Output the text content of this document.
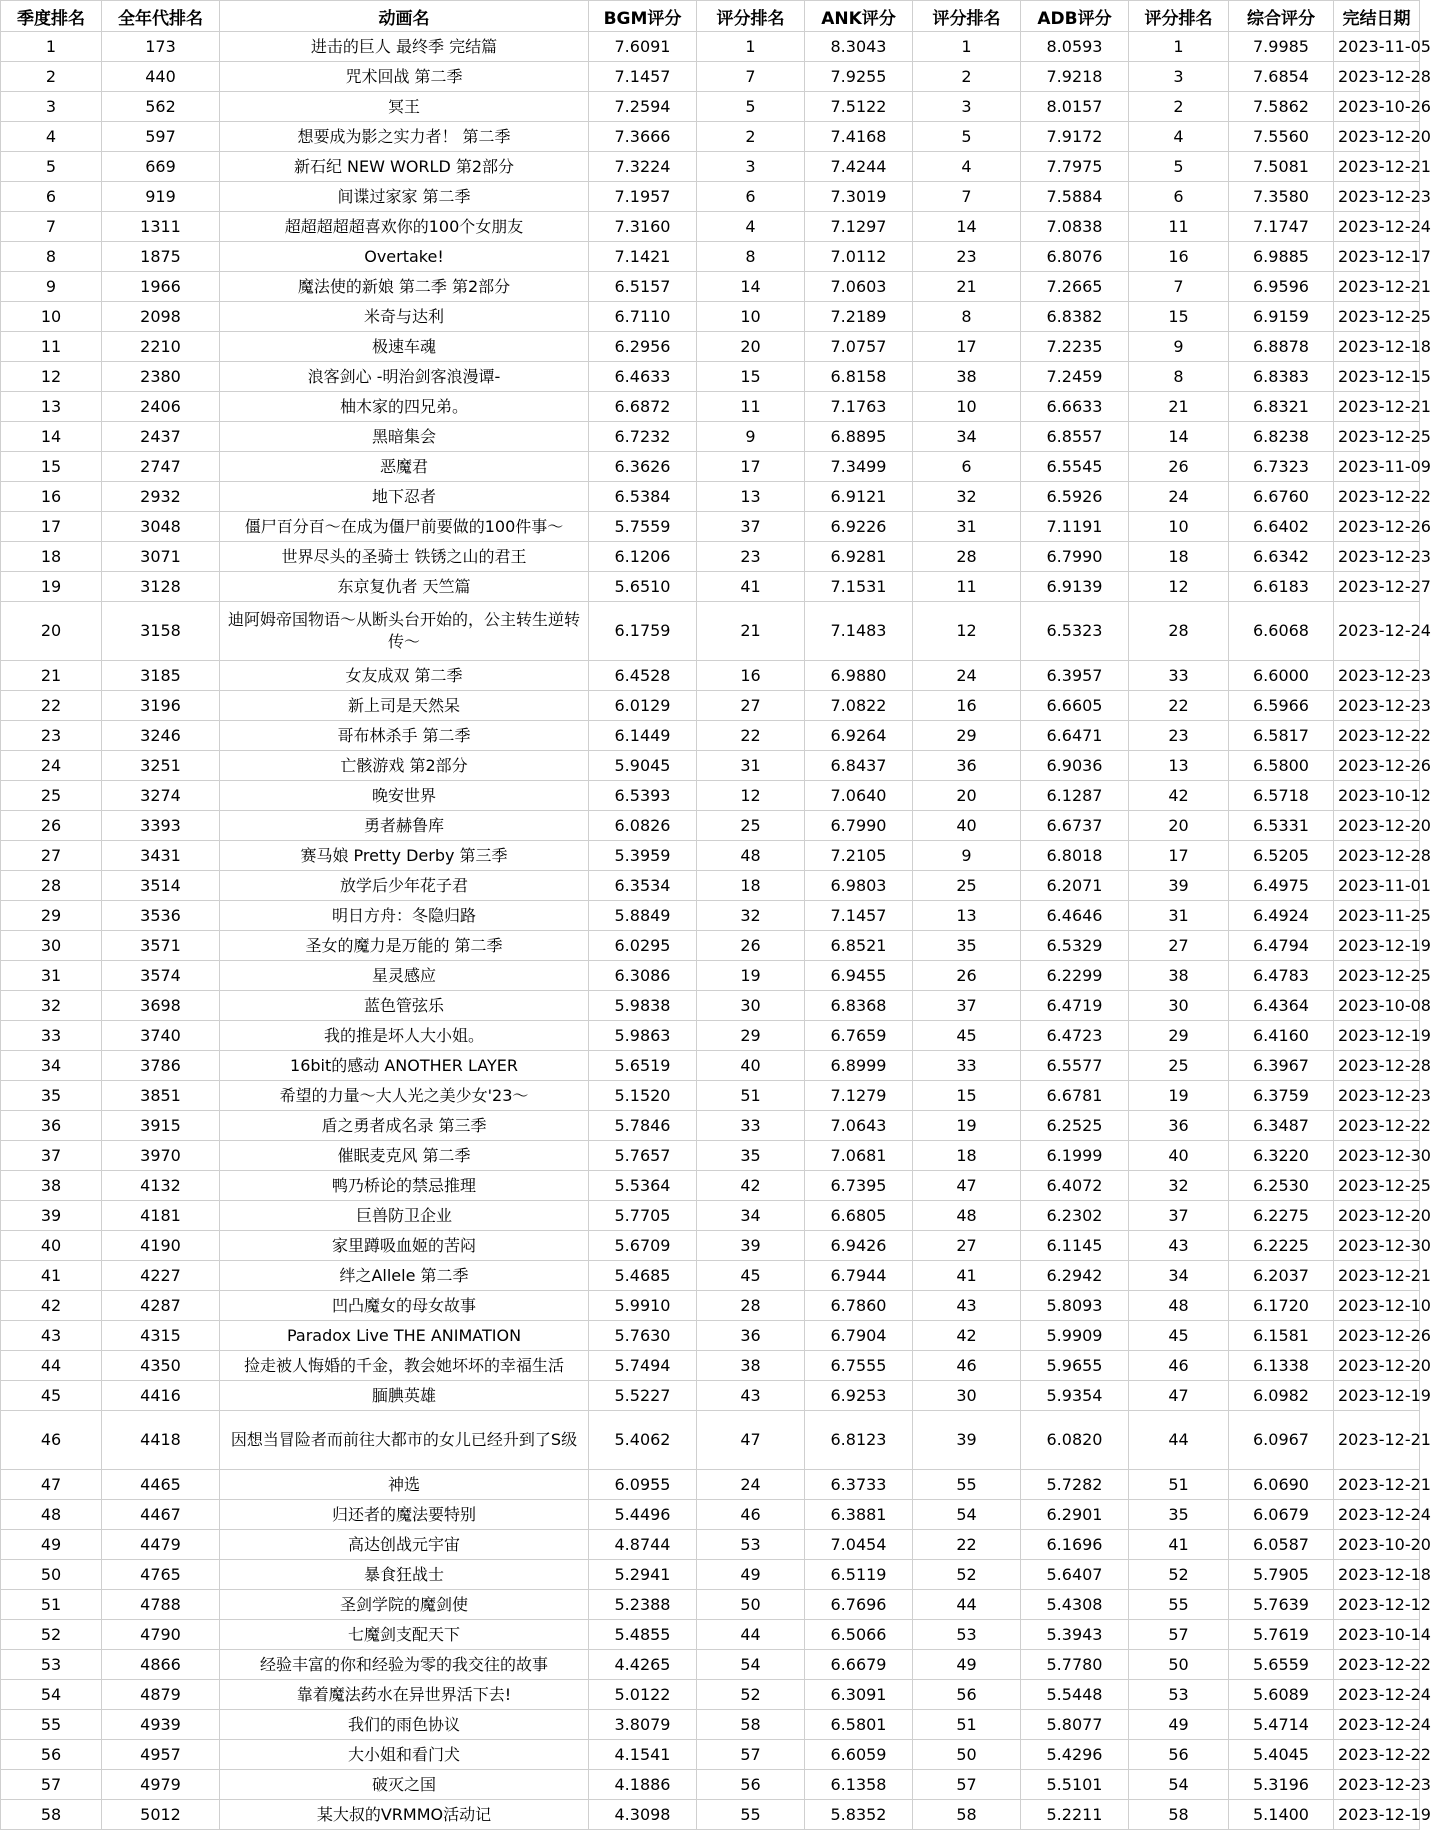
季度排名	全年代排名	动画名	BGM评分	评分排名	ANK评分	评分排名	ADB评分	评分排名	综合评分	完结日期
1	173	进击的巨人 最终季 完结篇	7.6091	1	8.3043	1	8.0593	1	7.9985	2023-11-05
2	440	咒术回战 第二季	7.1457	7	7.9255	2	7.9218	3	7.6854	2023-12-28
3	562	冥王	7.2594	5	7.5122	3	8.0157	2	7.5862	2023-10-26
4	597	想要成为影之实力者！ 第二季	7.3666	2	7.4168	5	7.9172	4	7.5560	2023-12-20
5	669	新石纪 NEW WORLD 第2部分	7.3224	3	7.4244	4	7.7975	5	7.5081	2023-12-21
6	919	间谍过家家 第二季	7.1957	6	7.3019	7	7.5884	6	7.3580	2023-12-23
7	1311	超超超超超喜欢你的100个女朋友	7.3160	4	7.1297	14	7.0838	11	7.1747	2023-12-24
8	1875	Overtake!	7.1421	8	7.0112	23	6.8076	16	6.9885	2023-12-17
9	1966	魔法使的新娘 第二季 第2部分	6.5157	14	7.0603	21	7.2665	7	6.9596	2023-12-21
10	2098	米奇与达利	6.7110	10	7.2189	8	6.8382	15	6.9159	2023-12-25
11	2210	极速车魂	6.2956	20	7.0757	17	7.2235	9	6.8878	2023-12-18
12	2380	浪客剑心 -明治剑客浪漫谭-	6.4633	15	6.8158	38	7.2459	8	6.8383	2023-12-15
13	2406	柚木家的四兄弟。	6.6872	11	7.1763	10	6.6633	21	6.8321	2023-12-21
14	2437	黑暗集会	6.7232	9	6.8895	34	6.8557	14	6.8238	2023-12-25
15	2747	恶魔君	6.3626	17	7.3499	6	6.5545	26	6.7323	2023-11-09
16	2932	地下忍者	6.5384	13	6.9121	32	6.5926	24	6.6760	2023-12-22
17	3048	僵尸百分百～在成为僵尸前要做的100件事～	5.7559	37	6.9226	31	7.1191	10	6.6402	2023-12-26
18	3071	世界尽头的圣骑士 铁锈之山的君王	6.1206	23	6.9281	28	6.7990	18	6.6342	2023-12-23
19	3128	东京复仇者 天竺篇	5.6510	41	7.1531	11	6.9139	12	6.6183	2023-12-27
20	3158	迪阿姆帝国物语～从断头台开始的，公主转生逆转传～	6.1759	21	7.1483	12	6.5323	28	6.6068	2023-12-24
21	3185	女友成双 第二季	6.4528	16	6.9880	24	6.3957	33	6.6000	2023-12-23
22	3196	新上司是天然呆	6.0129	27	7.0822	16	6.6605	22	6.5966	2023-12-23
23	3246	哥布林杀手 第二季	6.1449	22	6.9264	29	6.6471	23	6.5817	2023-12-22
24	3251	亡骸游戏 第2部分	5.9045	31	6.8437	36	6.9036	13	6.5800	2023-12-26
25	3274	晚安世界	6.5393	12	7.0640	20	6.1287	42	6.5718	2023-10-12
26	3393	勇者赫鲁库	6.0826	25	6.7990	40	6.6737	20	6.5331	2023-12-20
27	3431	赛马娘 Pretty Derby 第三季	5.3959	48	7.2105	9	6.8018	17	6.5205	2023-12-28
28	3514	放学后少年花子君	6.3534	18	6.9803	25	6.2071	39	6.4975	2023-11-01
29	3536	明日方舟：冬隐归路	5.8849	32	7.1457	13	6.4646	31	6.4924	2023-11-25
30	3571	圣女的魔力是万能的 第二季	6.0295	26	6.8521	35	6.5329	27	6.4794	2023-12-19
31	3574	星灵感应	6.3086	19	6.9455	26	6.2299	38	6.4783	2023-12-25
32	3698	蓝色管弦乐	5.9838	30	6.8368	37	6.4719	30	6.4364	2023-10-08
33	3740	我的推是坏人大小姐。	5.9863	29	6.7659	45	6.4723	29	6.4160	2023-12-19
34	3786	16bit的感动 ANOTHER LAYER	5.6519	40	6.8999	33	6.5577	25	6.3967	2023-12-28
35	3851	希望的力量～大人光之美少女'23～	5.1520	51	7.1279	15	6.6781	19	6.3759	2023-12-23
36	3915	盾之勇者成名录 第三季	5.7846	33	7.0643	19	6.2525	36	6.3487	2023-12-22
37	3970	催眠麦克风 第二季	5.7657	35	7.0681	18	6.1999	40	6.3220	2023-12-30
38	4132	鸭乃桥论的禁忌推理	5.5364	42	6.7395	47	6.4072	32	6.2530	2023-12-25
39	4181	巨兽防卫企业	5.7705	34	6.6805	48	6.2302	37	6.2275	2023-12-20
40	4190	家里蹲吸血姬的苦闷	5.6709	39	6.9426	27	6.1145	43	6.2225	2023-12-30
41	4227	绊之Allele 第二季	5.4685	45	6.7944	41	6.2942	34	6.2037	2023-12-21
42	4287	凹凸魔女的母女故事	5.9910	28	6.7860	43	5.8093	48	6.1720	2023-12-10
43	4315	Paradox Live THE ANIMATION	5.7630	36	6.7904	42	5.9909	45	6.1581	2023-12-26
44	4350	捡走被人悔婚的千金，教会她坏坏的幸福生活	5.7494	38	6.7555	46	5.9655	46	6.1338	2023-12-20
45	4416	腼腆英雄	5.5227	43	6.9253	30	5.9354	47	6.0982	2023-12-19
46	4418	因想当冒险者而前往大都市的女儿已经升到了S级	5.4062	47	6.8123	39	6.0820	44	6.0967	2023-12-21
47	4465	神选	6.0955	24	6.3733	55	5.7282	51	6.0690	2023-12-21
48	4467	归还者的魔法要特别	5.4496	46	6.3881	54	6.2901	35	6.0679	2023-12-24
49	4479	高达创战元宇宙	4.8744	53	7.0454	22	6.1696	41	6.0587	2023-10-20
50	4765	暴食狂战士	5.2941	49	6.5119	52	5.6407	52	5.7905	2023-12-18
51	4788	圣剑学院的魔剑使	5.2388	50	6.7696	44	5.4308	55	5.7639	2023-12-12
52	4790	七魔剑支配天下	5.4855	44	6.5066	53	5.3943	57	5.7619	2023-10-14
53	4866	经验丰富的你和经验为零的我交往的故事	4.4265	54	6.6679	49	5.7780	50	5.6559	2023-12-22
54	4879	靠着魔法药水在异世界活下去!	5.0122	52	6.3091	56	5.5448	53	5.6089	2023-12-24
55	4939	我们的雨色协议	3.8079	58	6.5801	51	5.8077	49	5.4714	2023-12-24
56	4957	大小姐和看门犬	4.1541	57	6.6059	50	5.4296	56	5.4045	2023-12-22
57	4979	破灭之国	4.1886	56	6.1358	57	5.5101	54	5.3196	2023-12-23
58	5012	某大叔的VRMMO活动记	4.3098	55	5.8352	58	5.2211	58	5.1400	2023-12-19
